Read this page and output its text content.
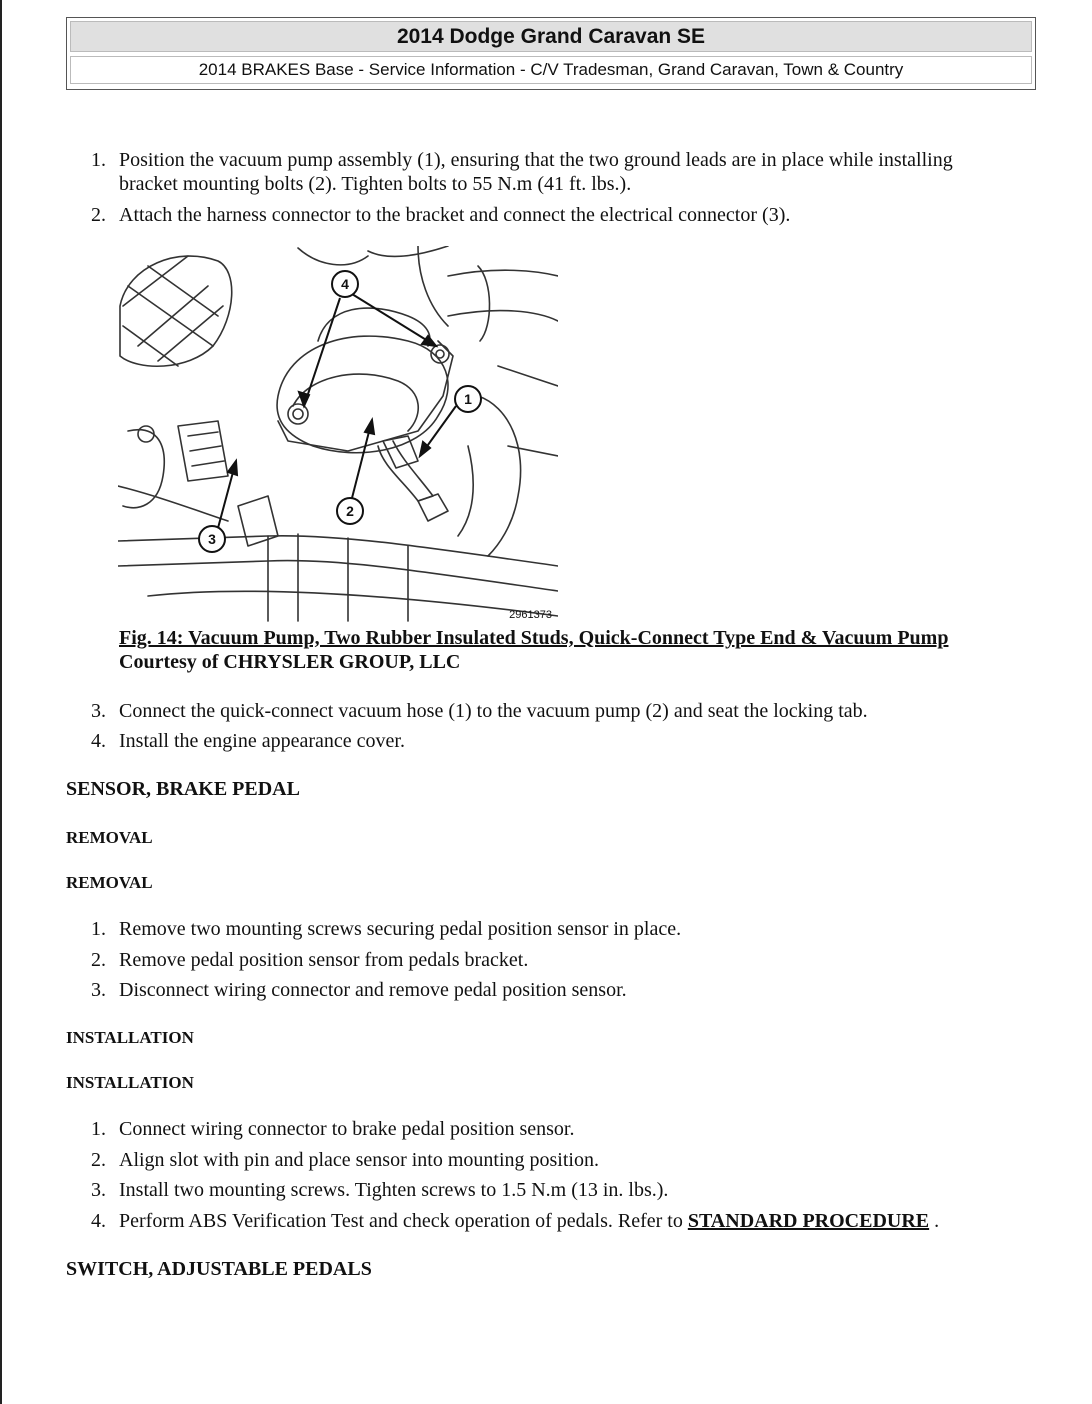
2014 Dodge Grand Caravan SE
2014 BRAKES Base - Service Information - C/V Tradesman, Grand Caravan, Town & Country
1. Position the vacuum pump assembly (1), ensuring that the two ground leads are in place while installing
bracket mounting bolts (2). Tighten bolts to 55 N.m (41 ft. lbs.).
2. Attach the harness connector to the bracket and connect the electrical connector (3).
4
1
2
3
2961373
Fig. 14: Vacuum Pump, Two Rubber Insulated Studs, Quick-Connect Type End & Vacuum Pump
Courtesy of CHRYSLER GROUP, LLC
3. Connect the quick-connect vacuum hose (1) to the vacuum pump (2) and seat the locking tab.
4. Install the engine appearance cover.
SENSOR, BRAKE PEDAL
REMOVAL
REMOVAL
1. Remove two mounting screws securing pedal position sensor in place.
2. Remove pedal position sensor from pedals bracket.
3. Disconnect wiring connector and remove pedal position sensor.
INSTALLATION
INSTALLATION
1. Connect wiring connector to brake pedal position sensor.
2. Align slot with pin and place sensor into mounting position.
3. Install two mounting screws. Tighten screws to 1.5 N.m (13 in. lbs.).
4. Perform ABS Verification Test and check operation of pedals. Refer to STANDARD PROCEDURE .
SWITCH, ADJUSTABLE PEDALS
